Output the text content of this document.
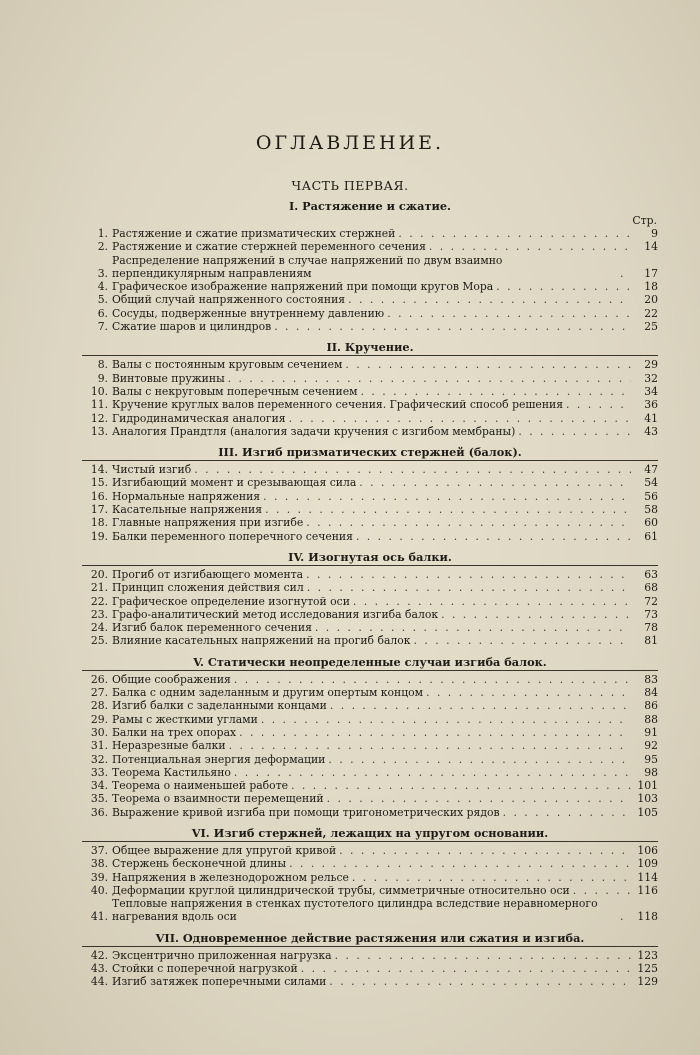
ОГЛАВЛЕНИЕ.
ЧАСТЬ ПЕРВАЯ.
I. Растяжение и сжатие.
Стр.
1. Растяжение и сжатие призматических стержней . . .	9
2. Растяжение и сжатие стержней переменного сечения . . .	14
3.
Распределение напряжений в случае напряжений по двум взаимно перпендикулярным направлениям . . .	17
4. Графическое изображение напряжений при помощи кругов Мора . . .	18
5. Общий случай напряженного состояния . . .	20
6. Сосуды, подверженные внутреннему давлению . . .	22
7. Сжатие шаров и цилиндров . . .	25
II. Кручение.
8. Валы с постоянным круговым сечением . . .	29
9. Винтовые пружины . . .	32
10. Валы с некруговым поперечным сечением . . .	34
11. Кручение круглых валов переменного сечения. Графический способ решения . . .	36
12. Гидродинамическая аналогия . . .	41
13. Аналогия Прандтля (аналогия задачи кручения с изгибом мембраны) . . .	43
III. Изгиб призматических стержней (балок).
14. Чистый изгиб . . .	47
15. Изгибающий момент и срезывающая сила . . .	54
16. Нормальные напряжения . . .	56
17. Касательные напряжения . . .	58
18. Главные напряжения при изгибе . . .	60
19. Балки переменного поперечного сечения . . .	61
IV. Изогнутая ось балки.
20. Прогиб от изгибающего момента . . .	63
21. Принцип сложения действия сил . . .	68
22. Графическое определение изогнутой оси . . .	72
23. Графо-аналитический метод исследования изгиба балок . . .	73
24. Изгиб балок переменного сечения . . .	78
25. Влияние касательных напряжений на прогиб балок . . .	81
V. Статически неопределенные случаи изгиба балок.
26. Общие соображения . . .	83
27. Балка с одним заделанным и другим опертым концом . . .	84
28. Изгиб балки с заделанными концами . . .	86
29. Рамы с жесткими углами . . .	88
30. Балки на трех опорах . . .	91
31. Неразрезные балки . . .	92
32. Потенциальная энергия деформации . . .	95
33. Теорема Кастильяно . . .	98
34. Теорема о наименьшей работе . . .	101
35. Теорема о взаимности перемещений . . .	103
36. Выражение кривой изгиба при помощи тригонометрических рядов . . .	105
VI. Изгиб стержней, лежащих на упругом основании.
37. Общее выражение для упругой кривой . . .	106
38. Стержень бесконечной длины . . .	109
39. Напряжения в железнодорожном рельсе . . .	114
40. Деформации круглой цилиндрической трубы, симметричные относительно оси . . .	116
41.
Тепловые напряжения в стенках пустотелого цилиндра вследствие неравномерного нагревания вдоль оси . . .	118
VII. Одновременное действие растяжения или сжатия и изгиба.
42. Эксцентрично приложенная нагрузка . . .	123
43. Стойки с поперечной нагрузкой . . .	125
44. Изгиб затяжек поперечными силами . . .	129
